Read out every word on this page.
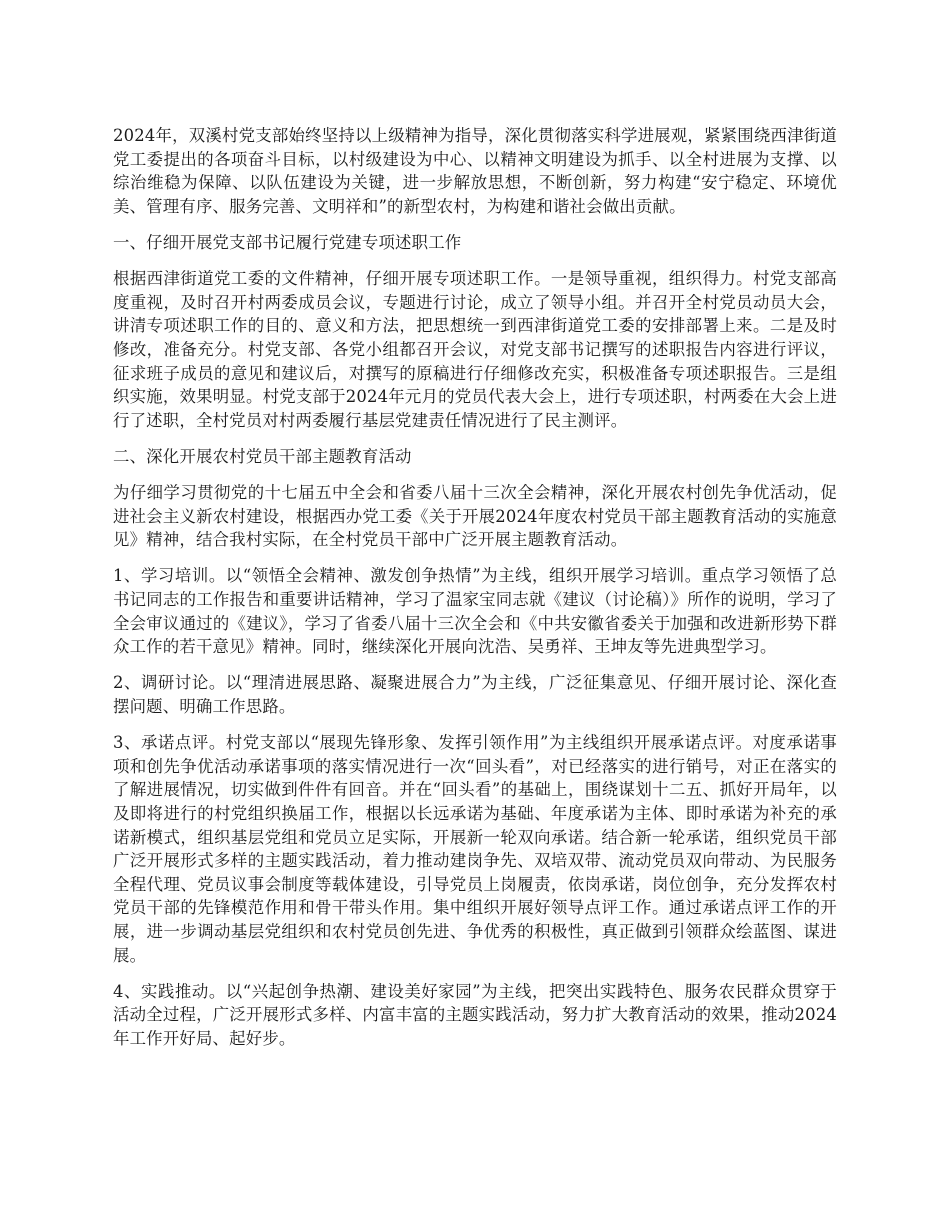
2024年，双溪村党支部始终坚持以上级精神为指导，深化贯彻落实科学进展观，紧紧围绕西津街道党工委提出的各项奋斗目标，以村级建设为中心、以精神文明建设为抓手、以全村进展为支撑、以综治维稳为保障、以队伍建设为关键，进一步解放思想，不断创新，努力构建“安宁稳定、环境优美、管理有序、服务完善、文明祥和”的新型农村，为构建和谐社会做出贡献。

一、仔细开展党支部书记履行党建专项述职工作

根据西津街道党工委的文件精神，仔细开展专项述职工作。一是领导重视，组织得力。村党支部高度重视，及时召开村两委成员会议，专题进行讨论，成立了领导小组。并召开全村党员动员大会，讲清专项述职工作的目的、意义和方法，把思想统一到西津街道党工委的安排部署上来。二是及时修改，准备充分。村党支部、各党小组都召开会议，对党支部书记撰写的述职报告内容进行评议，征求班子成员的意见和建议后，对撰写的原稿进行仔细修改充实，积极准备专项述职报告。三是组织实施，效果明显。村党支部于2024年元月的党员代表大会上，进行专项述职，村两委在大会上进行了述职，全村党员对村两委履行基层党建责任情况进行了民主测评。

二、深化开展农村党员干部主题教育活动

为仔细学习贯彻党的十七届五中全会和省委八届十三次全会精神，深化开展农村创先争优活动，促进社会主义新农村建设，根据西办党工委《关于开展2024年度农村党员干部主题教育活动的实施意见》精神，结合我村实际，在全村党员干部中广泛开展主题教育活动。

1、学习培训。以“领悟全会精神、激发创争热情”为主线，组织开展学习培训。重点学习领悟了总书记同志的工作报告和重要讲话精神，学习了温家宝同志就《建议（讨论稿）》所作的说明，学习了全会审议通过的《建议》，学习了省委八届十三次全会和《中共安徽省委关于加强和改进新形势下群众工作的若干意见》精神。同时，继续深化开展向沈浩、吴勇祥、王坤友等先进典型学习。

2、调研讨论。以“理清进展思路、凝聚进展合力”为主线，广泛征集意见、仔细开展讨论、深化查摆问题、明确工作思路。

3、承诺点评。村党支部以“展现先锋形象、发挥引领作用”为主线组织开展承诺点评。对度承诺事项和创先争优活动承诺事项的落实情况进行一次“回头看”，对已经落实的进行销号，对正在落实的了解进展情况，切实做到件件有回音。并在“回头看”的基础上，围绕谋划十二五、抓好开局年，以及即将进行的村党组织换届工作，根据以长远承诺为基础、年度承诺为主体、即时承诺为补充的承诺新模式，组织基层党组和党员立足实际，开展新一轮双向承诺。结合新一轮承诺，组织党员干部广泛开展形式多样的主题实践活动，着力推动建岗争先、双培双带、流动党员双向带动、为民服务全程代理、党员议事会制度等载体建设，引导党员上岗履责，依岗承诺，岗位创争，充分发挥农村党员干部的先锋模范作用和骨干带头作用。集中组织开展好领导点评工作。通过承诺点评工作的开展，进一步调动基层党组织和农村党员创先进、争优秀的积极性，真正做到引领群众绘蓝图、谋进展。

4、实践推动。以“兴起创争热潮、建设美好家园”为主线，把突出实践特色、服务农民群众贯穿于活动全过程，广泛开展形式多样、内富丰富的主题实践活动，努力扩大教育活动的效果，推动2024年工作开好局、起好步。
